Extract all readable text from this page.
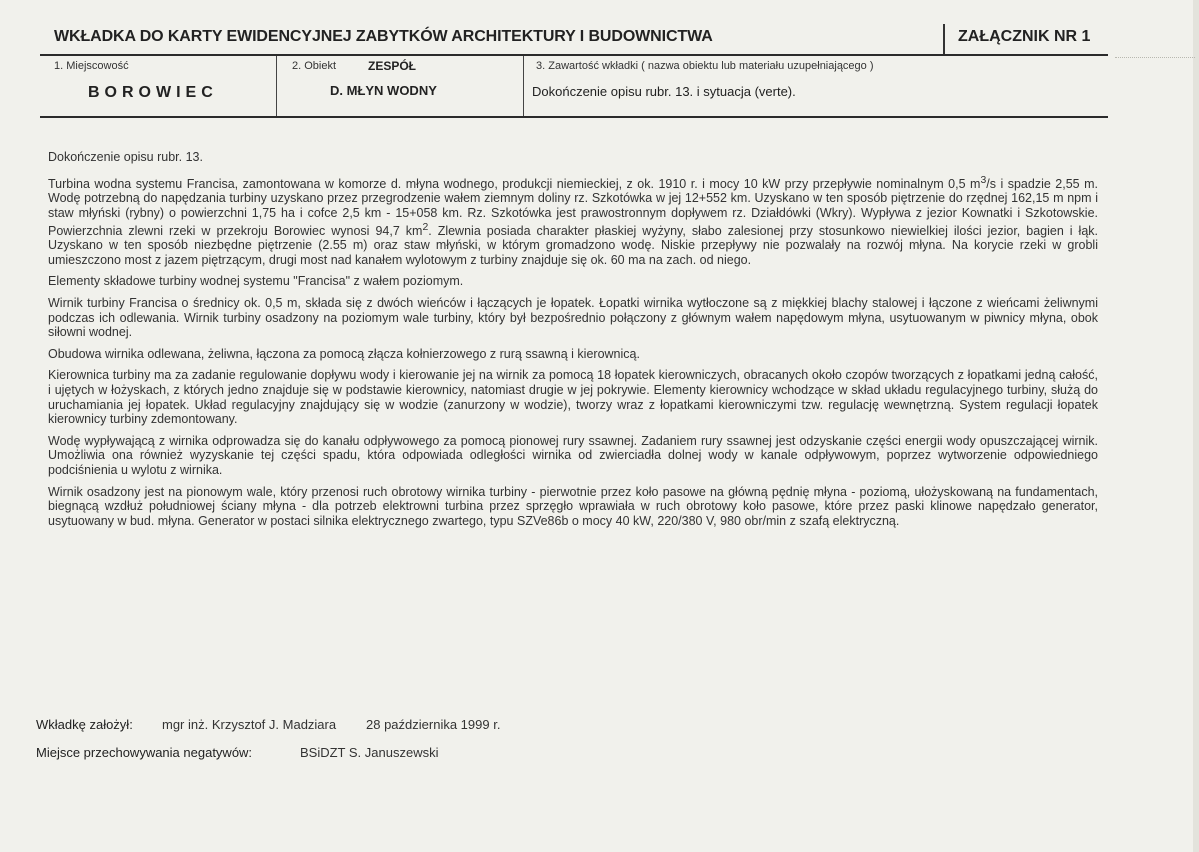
WKŁADKA DO KARTY EWIDENCYJNEJ ZABYTKÓW ARCHITEKTURY I BUDOWNICTWA	ZAŁĄCZNIK NR 1
1. Miejscowość
BOROWIEC
2. Obiekt	ZESPÓŁ
D. MŁYN WODNY
3. Zawartość wkładki ( nazwa obiektu lub materiału uzupełniającego )
Dokończenie opisu rubr. 13. i sytuacja (verte).

Dokończenie opisu rubr. 13.

Turbina wodna systemu Francisa, zamontowana w komorze d. młyna wodnego, produkcji niemieckiej, z ok. 1910 r. i mocy 10 kW przy przepływie nominalnym 0,5 $m^3/s$ i spadzie 2,55 m. Wodę potrzebną do napędzania turbiny uzyskano przez przegrodzenie wałem ziemnym doliny rz. Szkotówka w jej 12+552 km. Uzyskano w ten sposób piętrzenie do rzędnej 162,15 m npm i staw młyński (rybny) o powierzchni 1,75 ha i cofce 2,5 km - 15+058 km. Rz. Szkotówka jest prawostronnym dopływem rz. Działdówki (Wkry). Wypływa z jezior Kownatki i Szkotowskie. Powierzchnia zlewni rzeki w przekroju Borowiec wynosi 94,7 $km^2$. Zlewnia posiada charakter płaskiej wyżyny, słabo zalesionej przy stosunkowo niewielkiej ilości jezior, bagien i łąk. Uzyskano w ten sposób niezbędne piętrzenie (2.55 m) oraz staw młyński, w którym gromadzono wodę. Niskie przepływy nie pozwalały na rozwój młyna. Na korycie rzeki w grobli umieszczono most z jazem piętrzącym, drugi most nad kanałem wylotowym z turbiny znajduje się ok. 60 ma na zach. od niego.

Elementy składowe turbiny wodnej systemu "Francisa" z wałem poziomym.

Wirnik turbiny Francisa o średnicy ok. 0,5 m, składa się z dwóch wieńców i łączących je łopatek. Łopatki wirnika wytłoczone są z miękkiej blachy stalowej i łączone z wieńcami żeliwnymi podczas ich odlewania. Wirnik turbiny osadzony na poziomym wale turbiny, który był bezpośrednio połączony z głównym wałem napędowym młyna, usytuowanym w piwnicy młyna, obok siłowni wodnej.

Obudowa wirnika odlewana, żeliwna, łączona za pomocą złącza kołnierzowego z rurą ssawną i kierownicą.

Kierownica turbiny ma za zadanie regulowanie dopływu wody i kierowanie jej na wirnik za pomocą 18 łopatek kierowniczych, obracanych około czopów tworzących z łopatkami jedną całość, i ujętych w łożyskach, z których jedno znajduje się w podstawie kierownicy, natomiast drugie w jej pokrywie. Elementy kierownicy wchodzące w skład układu regulacyjnego turbiny, służą do uruchamiania jej łopatek. Układ regulacyjny znajdujący się w wodzie (zanurzony w wodzie), tworzy wraz z łopatkami kierowniczymi tzw. regulację wewnętrzną. System regulacji łopatek kierownicy turbiny zdemontowany.

Wodę wypływającą z wirnika odprowadza się do kanału odpływowego za pomocą pionowej rury ssawnej. Zadaniem rury ssawnej jest odzyskanie części energii wody opuszczającej wirnik. Umożliwia ona również wyzyskanie tej części spadu, która odpowiada odległości wirnika od zwierciadła dolnej wody w kanale odpływowym, poprzez wytworzenie odpowiedniego podciśnienia u wylotu z wirnika.

Wirnik osadzony jest na pionowym wale, który przenosi ruch obrotowy wirnika turbiny - pierwotnie przez koło pasowe na główną pędnię młyna - poziomą, ułożyskowaną na fundamentach, biegnącą wzdłuż południowej ściany młyna - dla potrzeb elektrowni turbina przez sprzęgło wprawiała w ruch obrotowy koło pasowe, które przez paski klinowe napędzało generator, usytuowany w bud. młyna. Generator w postaci silnika elektrycznego zwartego, typu SZVe86b o mocy 40 kW, 220/380 V, 980 obr/min z szafą elektryczną.

Wkładkę założył: mgr inż. Krzysztof J. Madziara 28 października 1999 r.
Miejsce przechowywania negatywów:	BSiDZT S. Januszewski
